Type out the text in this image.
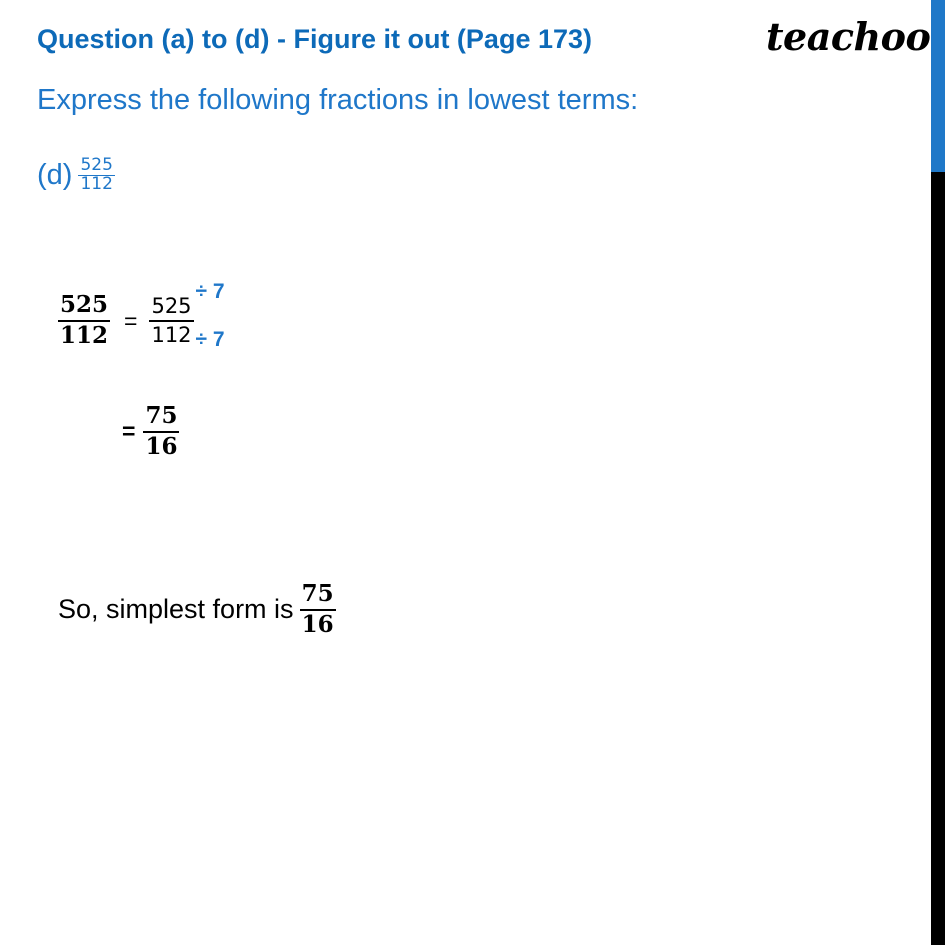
Question (a) to (d) - Figure it out (Page 173)	teachoo

Express the following fractions in lowest terms:

$(d) \frac{525}{112}$
$\frac{525}{112} = \frac{525}{112}$
÷ 7
÷ 7
= $\frac{75}{16}$
So, simplest form is $\frac{75}{16}$
